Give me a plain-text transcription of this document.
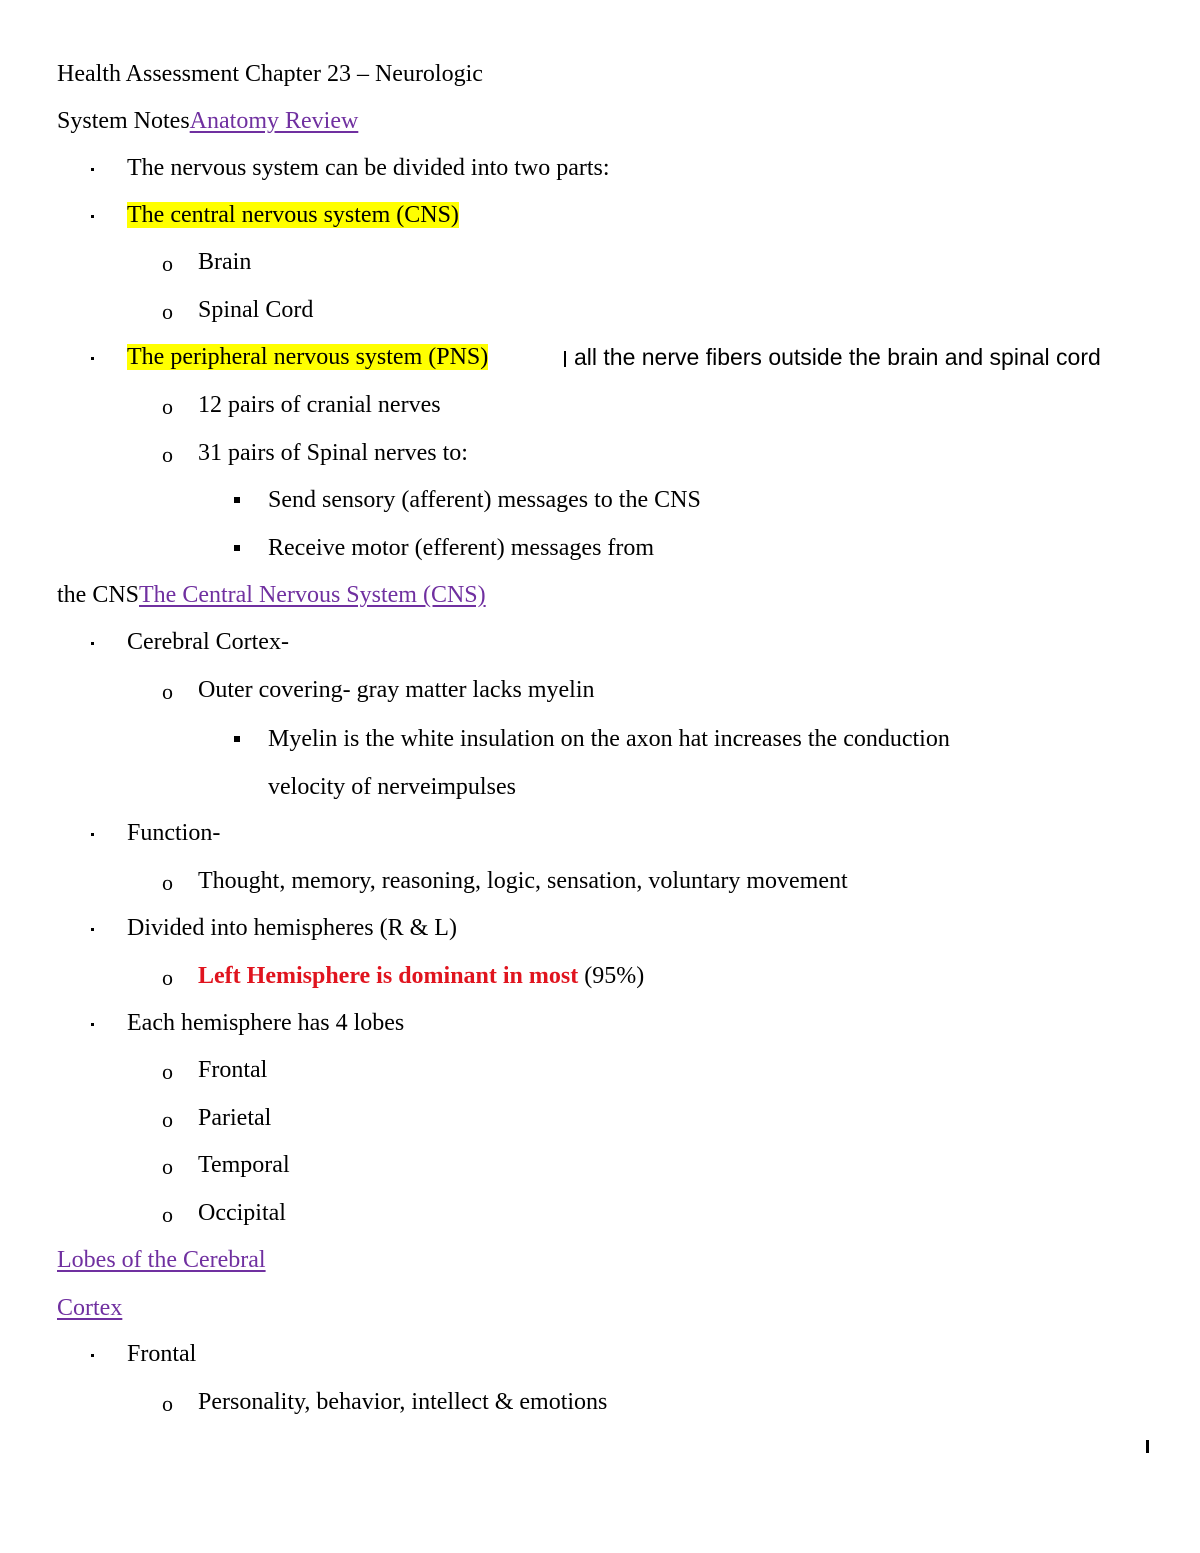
Health Assessment Chapter 23 – Neurologic
System NotesAnatomy Review
The nervous system can be divided into two parts:
The central nervous system (CNS)
o Brain
o Spinal Cord
The peripheral nervous system (PNS)	all the nerve fibers outside the brain and spinal cord
o 12 pairs of cranial nerves
o 31 pairs of Spinal nerves to:
Send sensory (afferent) messages to the CNS
Receive motor (efferent) messages from
the CNSThe Central Nervous System (CNS)
Cerebral Cortex-
o Outer covering- gray matter lacks myelin
Myelin is the white insulation on the axon hat increases the conduction
velocity of nerveimpulses
Function-
o Thought, memory, reasoning, logic, sensation, voluntary movement
Divided into hemispheres (R & L)
o Left Hemisphere is dominant in most (95%)
Each hemisphere has 4 lobes
o Frontal
o Parietal
o Temporal
o Occipital
Lobes of the Cerebral
Cortex
Frontal
o Personality, behavior, intellect & emotions
